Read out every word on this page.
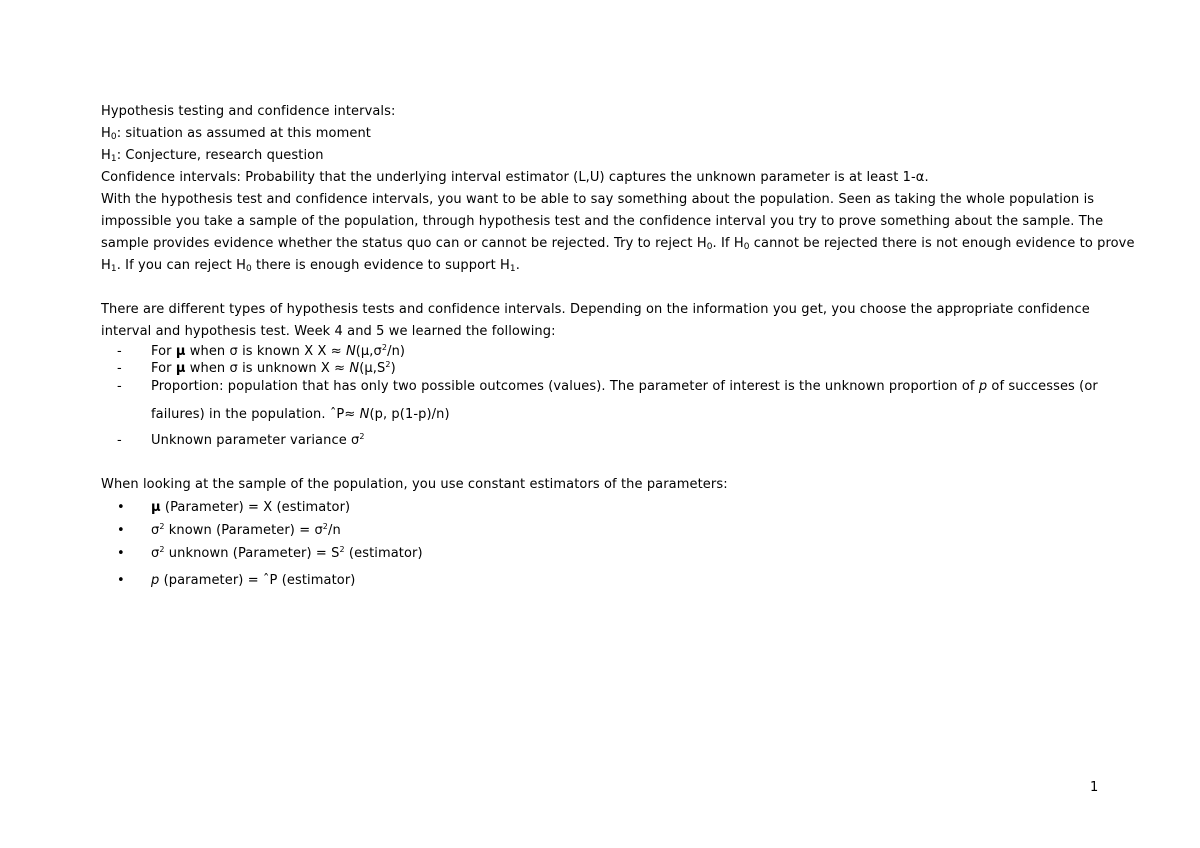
Hypothesis testing and confidence intervals:
$H_0$: situation as assumed at this moment
$H_1$: Conjecture, research question
Confidence intervals: Probability that the underlying interval estimator (L,U) captures the unknown parameter is at least 1-α.
With the hypothesis test and confidence intervals, you want to be able to say something about the population. Seen as taking the whole population is
impossible you take a sample of the population, through hypothesis test and the confidence interval you try to prove something about the sample. The
sample provides evidence whether the status quo can or cannot be rejected. Try to reject $H_0$. If $H_0$ cannot be rejected there is not enough evidence to prove
$H_1$. If you can reject $H_0$ there is enough evidence to support $H_1$.
There are different types of hypothesis tests and confidence intervals. Depending on the information you get, you choose the appropriate confidence
interval and hypothesis test. Week 4 and 5 we learned the following:
- For μ when σ is known X $X \approx N(\mu,\sigma^2/n)$
- For μ when σ is unknown $X \approx N(\mu,S^2)$
- Proportion: population that has only two possible outcomes (values). The parameter of interest is the unknown proportion of p of successes (or
failures) in the population. ˆP≈ N(p, p(1-p)/n)
- Unknown parameter variance $\sigma^2$
When looking at the sample of the population, you use constant estimators of the parameters:
• μ (Parameter) = X (estimator)
• $\sigma^2$ known (Parameter) = $\sigma^2/n$
• $\sigma^2$ unknown (Parameter) = $S^2$ (estimator)
• p (parameter) = ˆP (estimator)
1
